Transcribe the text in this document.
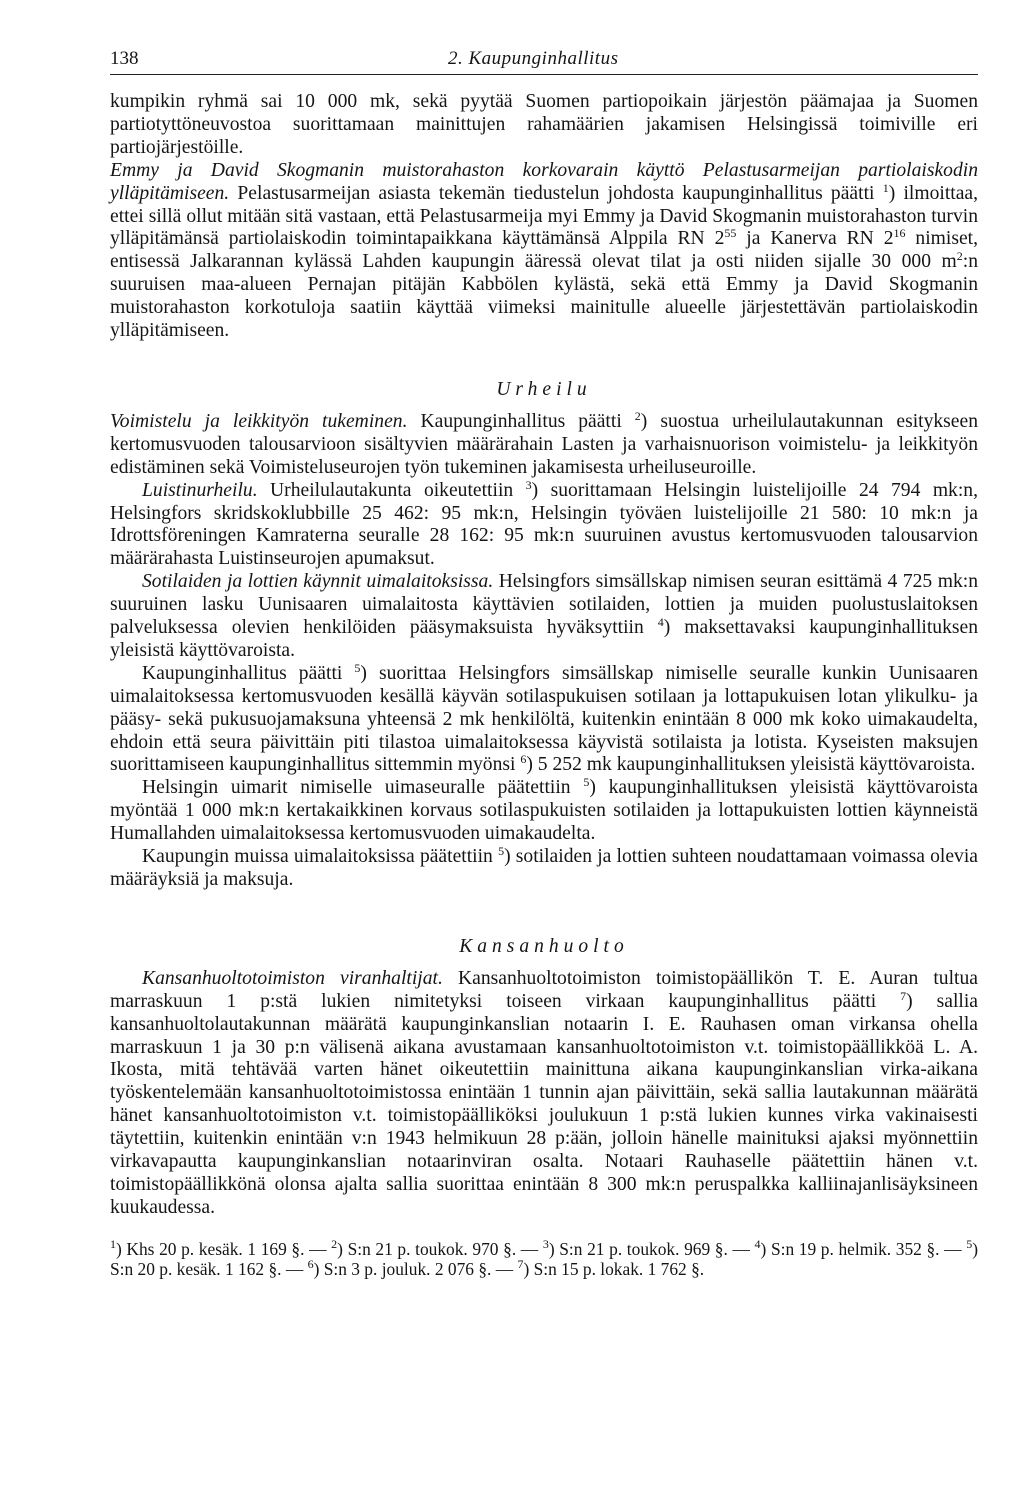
138	2. Kaupunginhallitus

kumpikin ryhmä sai 10 000 mk, sekä pyytää Suomen partiopoikain järjestön päämajaa ja Suomen partiotyttöneuvostoa suorittamaan mainittujen rahamäärien jakamisen Helsingissä toimiville eri partiojärjestöille.

Emmy ja David Skogmanin muistorahaston korkovarain käyttö Pelastusarmeijan partiolaiskodin ylläpitämiseen. Pelastusarmeijan asiasta tekemän tiedustelun johdosta kaupunginhallitus päätti $^1$) ilmoittaa, ettei sillä ollut mitään sitä vastaan, että Pelastusarmeija myi Emmy ja David Skogmanin muistorahaston turvin ylläpitämänsä partiolaiskodin toimintapaikkana käyttämänsä Alppila RN $2^{55}$ ja Kanerva RN $2^{16}$ nimiset, entisessä Jalkarannan kylässä Lahden kaupungin ääressä olevat tilat ja osti niiden sijalle 30 000 $m^2:n$ suuruisen maa-alueen Pernajan pitäjän Kabbölen kylästä, sekä että Emmy ja David Skogmanin muistorahaston korkotuloja saatiin käyttää viimeksi mainitulle alueelle järjestettävän partiolaiskodin ylläpitämiseen.

Urheilu

Voimistelu ja leikkityön tukeminen. Kaupunginhallitus päätti $^2$) suostua urheilulautakunnan esitykseen kertomusvuoden talousarvioon sisältyvien määrärahain Lasten ja varhaisnuorison voimistelu- ja leikkityön edistäminen sekä Voimisteluseurojen työn tukeminen jakamisesta urheiluseuroille.

Luistinurheilu. Urheilulautakunta oikeutettiin $^3$) suorittamaan Helsingin luistelijoille 24 794 mk:n, Helsingfors skridskoklubbille 25 462: 95 mk:n, Helsingin työväen luistelijoille 21 580: 10 mk:n ja Idrottsföreningen Kamraterna seuralle 28 162: 95 mk:n suuruinen avustus kertomusvuoden talousarvion määrärahasta Luistinseurojen apumaksut.

Sotilaiden ja lottien käynnit uimalaitoksissa. Helsingfors simsällskap nimisen seuran esittämä 4 725 mk:n suuruinen lasku Uunisaaren uimalaitosta käyttävien sotilaiden, lottien ja muiden puolustuslaitoksen palveluksessa olevien henkilöiden pääsymaksuista hyväksyttiin $^4$) maksettavaksi kaupunginhallituksen yleisistä käyttövaroista.

Kaupunginhallitus päätti $^5$) suorittaa Helsingfors simsällskap nimiselle seuralle kunkin Uunisaaren uimalaitoksessa kertomusvuoden kesällä käyvän sotilaspukuisen sotilaan ja lottapukuisen lotan ylikulku- ja pääsy- sekä pukusuojamaksuna yhteensä 2 mk henkilöltä, kuitenkin enintään 8 000 mk koko uimakaudelta, ehdoin että seura päivittäin piti tilastoa uimalaitoksessa käyvistä sotilaista ja lotista. Kyseisten maksujen suorittamiseen kaupunginhallitus sittemmin myönsi $^6$) 5 252 mk kaupunginhallituksen yleisistä käyttövaroista.

Helsingin uimarit nimiselle uimaseuralle päätettiin $^5$) kaupunginhallituksen yleisistä käyttövaroista myöntää 1 000 mk:n kertakaikkinen korvaus sotilaspukuisten sotilaiden ja lottapukuisten lottien käynneistä Humallahden uimalaitoksessa kertomusvuoden uimakaudelta.

Kaupungin muissa uimalaitoksissa päätettiin $^5$) sotilaiden ja lottien suhteen noudattamaan voimassa olevia määräyksiä ja maksuja.

Kansanhuolto

Kansanhuoltotoimiston viranhaltijat. Kansanhuoltotoimiston toimistopäällikön T. E. Auran tultua marraskuun 1 p:stä lukien nimitetyksi toiseen virkaan kaupunginhallitus päätti $^7$) sallia kansanhuoltolautakunnan määrätä kaupunginkanslian notaarin I. E. Rauhasen oman virkansa ohella marraskuun 1 ja 30 p:n välisenä aikana avustamaan kansanhuoltotoimiston v.t. toimistopäällikköä L. A. Ikosta, mitä tehtävää varten hänet oikeutettiin mainittuna aikana kaupunginkanslian virka-aikana työskentelemään kansanhuoltotoimistossa enintään 1 tunnin ajan päivittäin, sekä sallia lautakunnan määrätä hänet kansanhuoltotoimiston v.t. toimistopäälliköksi joulukuun 1 p:stä lukien kunnes virka vakinaisesti täytettiin, kuitenkin enintään v:n 1943 helmikuun 28 p:ään, jolloin hänelle mainituksi ajaksi myönnettiin virkavapautta kaupunginkanslian notaarinviran osalta. Notaari Rauhaselle päätettiin hänen v.t. toimistopäällikkönä olonsa ajalta sallia suorittaa enintään 8 300 mk:n peruspalkka kalliinajanlisäyksineen kuukaudessa.

$^1$) Khs 20 p. kesäk. 1 169 §. — $^2$) S:n 21 p. toukok. 970 §. — $^3$) S:n 21 p. toukok. 969 §. — $^4$) S:n 19 p. helmik. 352 §. — $^5$) S:n 20 p. kesäk. 1 162 §. — $^6$) S:n 3 p. jouluk. 2 076 §. — $^7$) S:n 15 p. lokak. 1 762 §.
